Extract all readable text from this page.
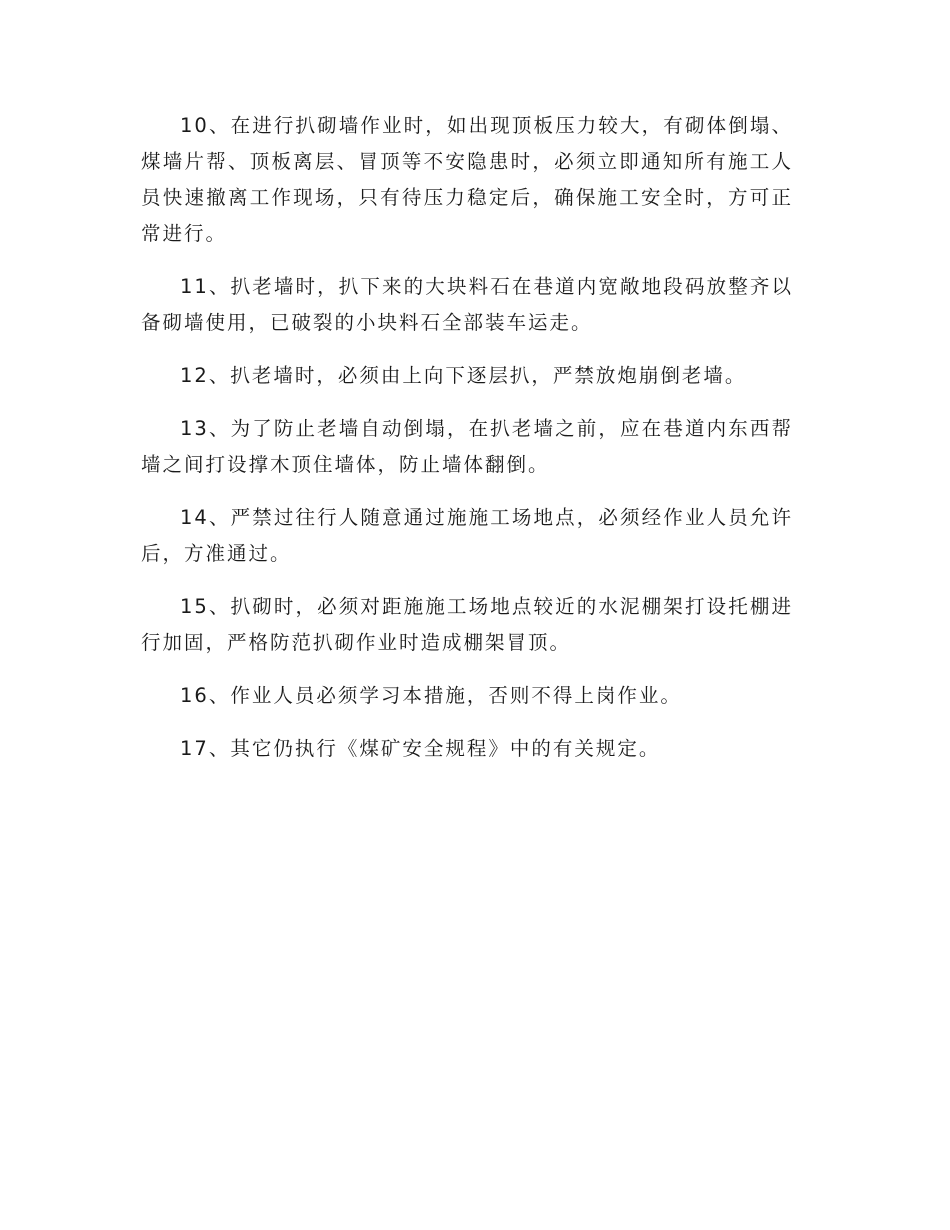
10、在进行扒砌墙作业时，如出现顶板压力较大，有砌体倒塌、煤墙片帮、顶板离层、冒顶等不安隐患时，必须立即通知所有施工人员快速撤离工作现场，只有待压力稳定后，确保施工安全时，方可正常进行。

11、扒老墙时，扒下来的大块料石在巷道内宽敞地段码放整齐以备砌墙使用，已破裂的小块料石全部装车运走。

12、扒老墙时，必须由上向下逐层扒，严禁放炮崩倒老墙。

13、为了防止老墙自动倒塌，在扒老墙之前，应在巷道内东西帮墙之间打设撑木顶住墙体，防止墙体翻倒。

14、严禁过往行人随意通过施施工场地点，必须经作业人员允许后，方准通过。

15、扒砌时，必须对距施施工场地点较近的水泥棚架打设托棚进行加固，严格防范扒砌作业时造成棚架冒顶。

16、作业人员必须学习本措施，否则不得上岗作业。

17、其它仍执行《煤矿安全规程》中的有关规定。
